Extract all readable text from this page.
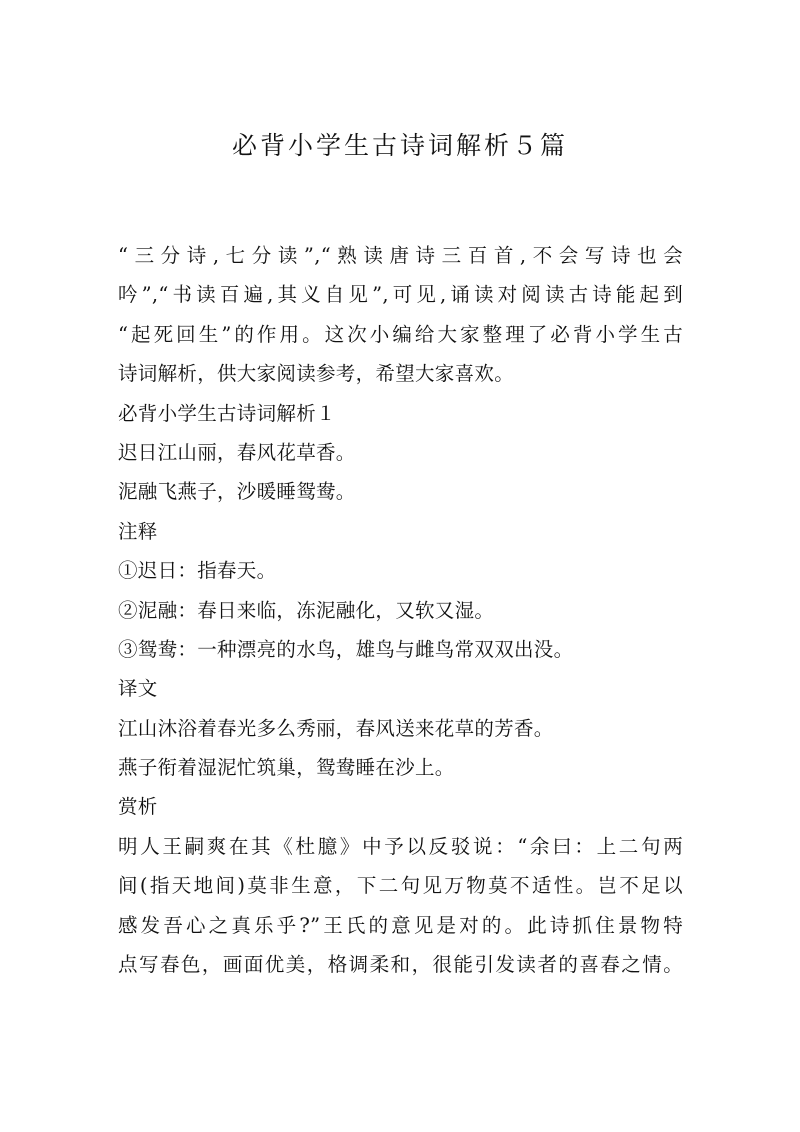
必背小学生古诗词解析５篇
“三分诗,七分读”,“熟读唐诗三百首,不会写诗也会
吟”,“书读百遍,其义自见”,可见,诵读对阅读古诗能起到
“起死回生”的作用。这次小编给大家整理了必背小学生古
诗词解析，供大家阅读参考，希望大家喜欢。
必背小学生古诗词解析１
迟日江山丽，春风花草香。
泥融飞燕子，沙暖睡鸳鸯。
注释
①迟日：指春天。
②泥融：春日来临，冻泥融化，又软又湿。
③鸳鸯：一种漂亮的水鸟，雄鸟与雌鸟常双双出没。
译文
江山沐浴着春光多么秀丽，春风送来花草的芳香。
燕子衔着湿泥忙筑巢，鸳鸯睡在沙上。
赏析
明人王嗣爽在其《杜臆》中予以反驳说：“余曰：上二句两
间(指天地间)莫非生意，下二句见万物莫不适性。岂不足以
感发吾心之真乐乎?”王氏的意见是对的。此诗抓住景物特
点写春色，画面优美，格调柔和，很能引发读者的喜春之情。
